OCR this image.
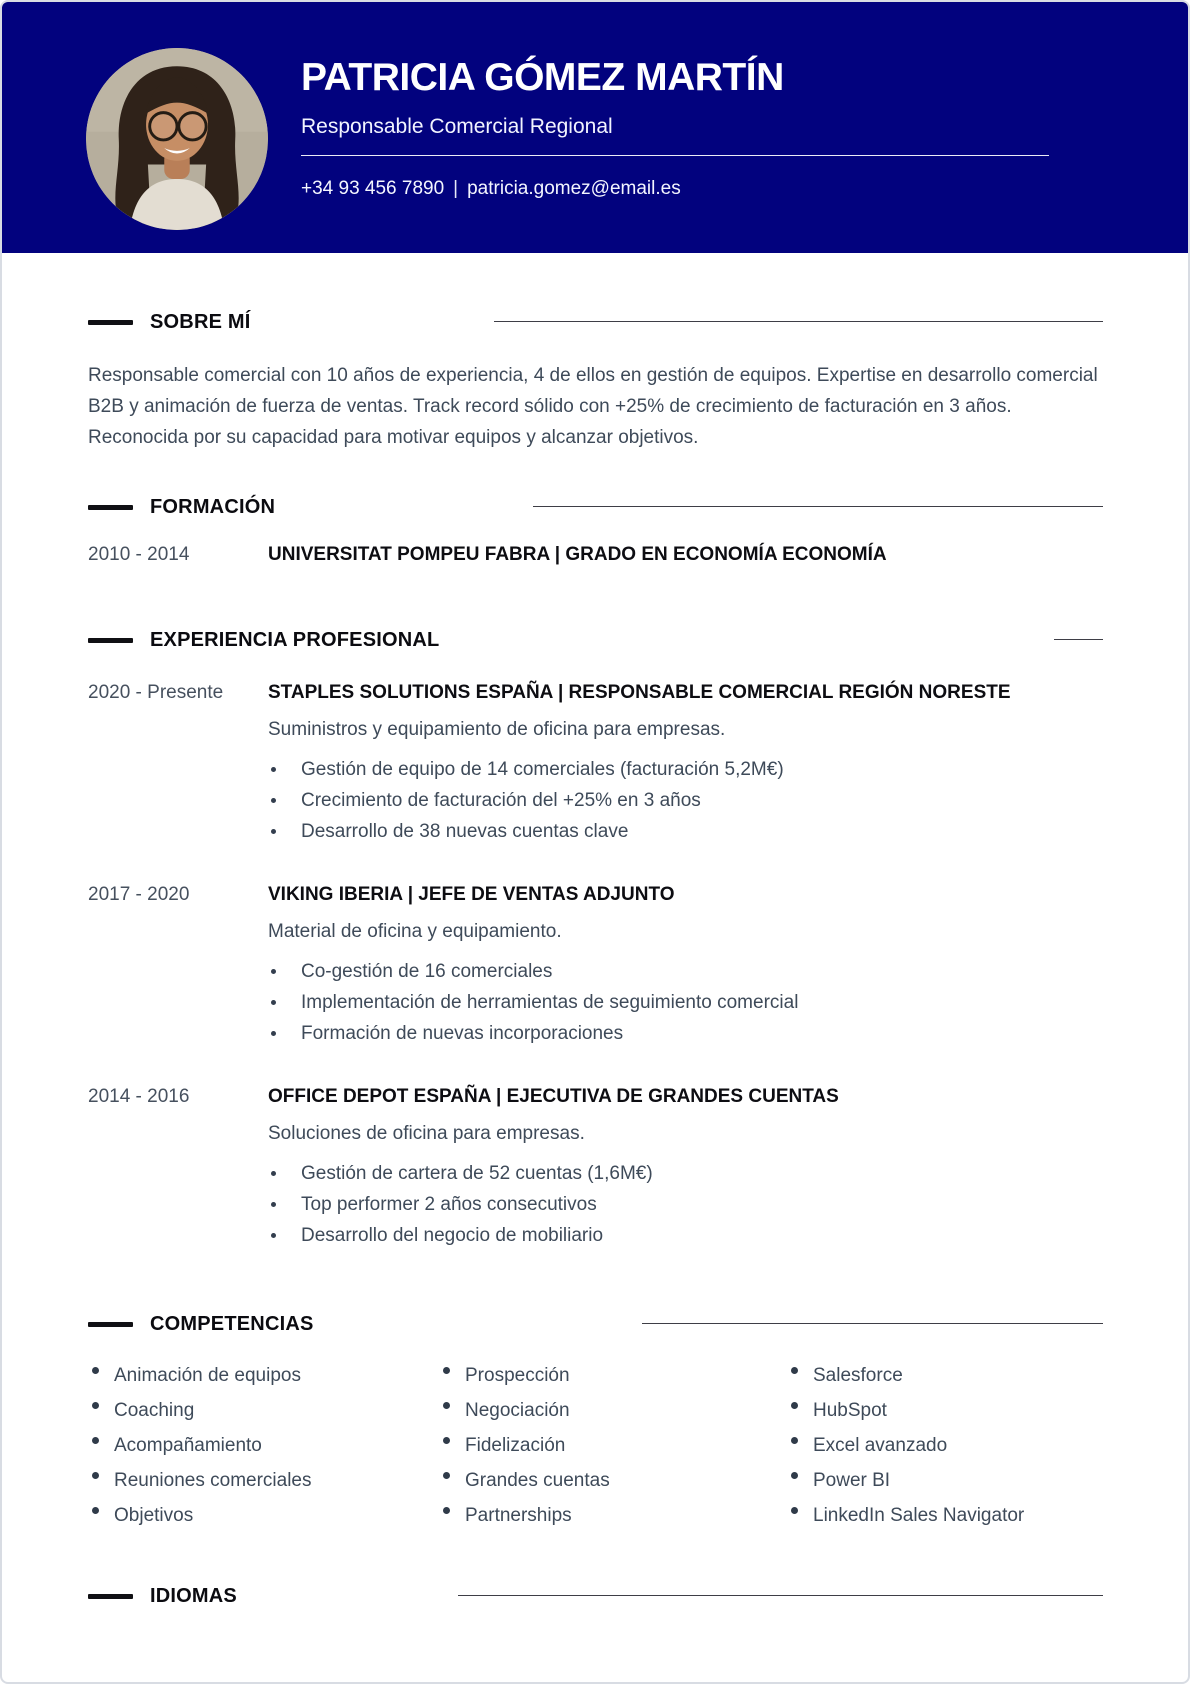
PATRICIA GÓMEZ MARTÍN
Responsable Comercial Regional
+34 93 456 7890 | patricia.gomez@email.es
SOBRE MÍ

Responsable comercial con 10 años de experiencia, 4 de ellos en gestión de equipos. Expertise en desarrollo comercial B2B y animación de fuerza de ventas. Track record sólido con +25% de crecimiento de facturación en 3 años. Reconocida por su capacidad para motivar equipos y alcanzar objetivos.

FORMACIÓN
2010 - 2014	UNIVERSITAT POMPEU FABRA | GRADO EN ECONOMÍA ECONOMÍA
EXPERIENCIA PROFESIONAL
2020 - Presente	STAPLES SOLUTIONS ESPAÑA | RESPONSABLE COMERCIAL REGIÓN NORESTE

Suministros y equipamiento de oficina para empresas.

Gestión de equipo de 14 comerciales (facturación 5,2M€)
Crecimiento de facturación del +25% en 3 años
Desarrollo de 38 nuevas cuentas clave
2017 - 2020	VIKING IBERIA | JEFE DE VENTAS ADJUNTO

Material de oficina y equipamiento.

Co-gestión de 16 comerciales
Implementación de herramientas de seguimiento comercial
Formación de nuevas incorporaciones
2014 - 2016	OFFICE DEPOT ESPAÑA | EJECUTIVA DE GRANDES CUENTAS

Soluciones de oficina para empresas.

Gestión de cartera de 52 cuentas (1,6M€)
Top performer 2 años consecutivos
Desarrollo del negocio de mobiliario
COMPETENCIAS
Animación de equipos
Coaching
Acompañamiento
Reuniones comerciales
Objetivos
Prospección
Negociación
Fidelización
Grandes cuentas
Partnerships
Salesforce
HubSpot
Excel avanzado
Power BI
LinkedIn Sales Navigator
IDIOMAS
